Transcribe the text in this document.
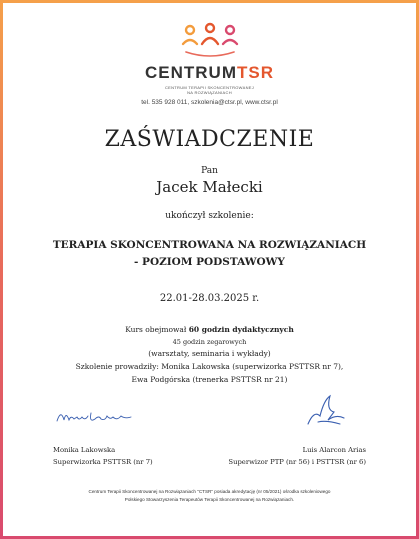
CENTRUMTSR
CENTRUM TERAPII SKONCENTROWANEJ
NA ROZWIĄZANIACH
tel. 535 928 011, szkolenia@ctsr.pl, www.ctsr.pl
ZAŚWIADCZENIE
Pan
Jacek Małecki
ukończył szkolenie:
TERAPIA SKONCENTROWANA NA ROZWIĄZANIACH
- POZIOM PODSTAWOWY
22.01-28.03.2025 r.
Kurs obejmował 60 godzin dydaktycznych
45 godzin zegarowych
(warsztaty, seminaria i wykłady)
Szkolenie prowadziły: Monika Lakowska (superwizorka PSTTSR nr 7),
Ewa Podgórska (trenerka PSTTSR nr 21)
Monika Lakowska
Superwizorka PSTTSR (nr 7)
Luis Alarcon Arias
Superwizor PTP (nr 56) i PSTTSR (nr 6)
Centrum Terapii Skoncentrowanej na Rozwiązaniach "CTSR" posiada akredytację (nr 05/2021) ośrodka szkoleniowego
Polskiego Stowarzyszenia Terapeutów Terapii Skoncentrowanej na Rozwiązaniach.
